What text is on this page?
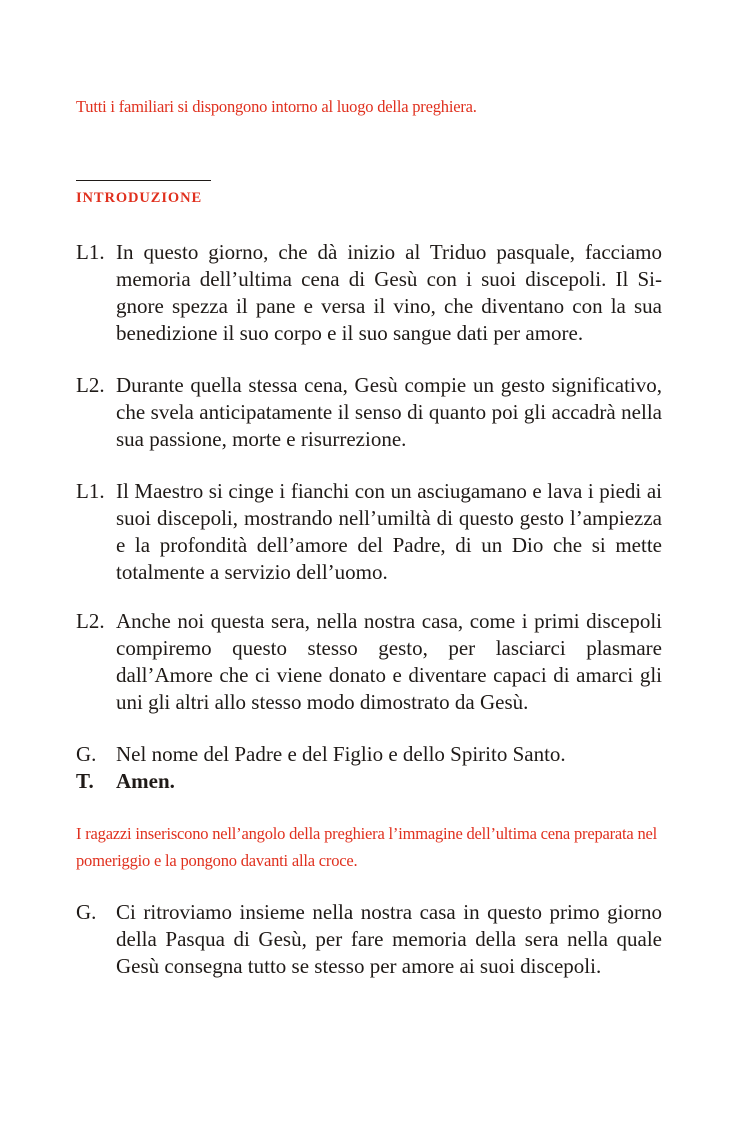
Tutti i familiari si dispongono intorno al luogo della preghiera.

INTRODUZIONE
L1. In questo giorno, che dà inizio al Triduo pasquale, facciamo memoria dell’ultima cena di Gesù con i suoi discepoli. Il Signore spezza il pane e versa il vino, che diventano con la sua benedizione il suo corpo e il suo sangue dati per amore.
L2. Durante quella stessa cena, Gesù compie un gesto significativo, che svela anticipatamente il senso di quanto poi gli accadrà nella sua passione, morte e risurrezione.
L1. Il Maestro si cinge i fianchi con un asciugamano e lava i piedi ai suoi discepoli, mostrando nell’umiltà di questo gesto l’ampiezza e la profondità dell’amore del Padre, di un Dio che si mette totalmente a servizio dell’uomo.
L2. Anche noi questa sera, nella nostra casa, come i primi discepoli compiremo questo stesso gesto, per lasciarci plasmare dall’Amore che ci viene donato e diventare capaci di amarci gli uni gli altri allo stesso modo dimostrato da Gesù.
G. Nel nome del Padre e del Figlio e dello Spirito Santo.
T. Amen.

I ragazzi inseriscono nell’angolo della preghiera l’immagine dell’ultima cena preparata nel pomeriggio e la pongono davanti alla croce.

G. Ci ritroviamo insieme nella nostra casa in questo primo giorno della Pasqua di Gesù, per fare memoria della sera nella quale Gesù consegna tutto se stesso per amore ai suoi discepoli.
